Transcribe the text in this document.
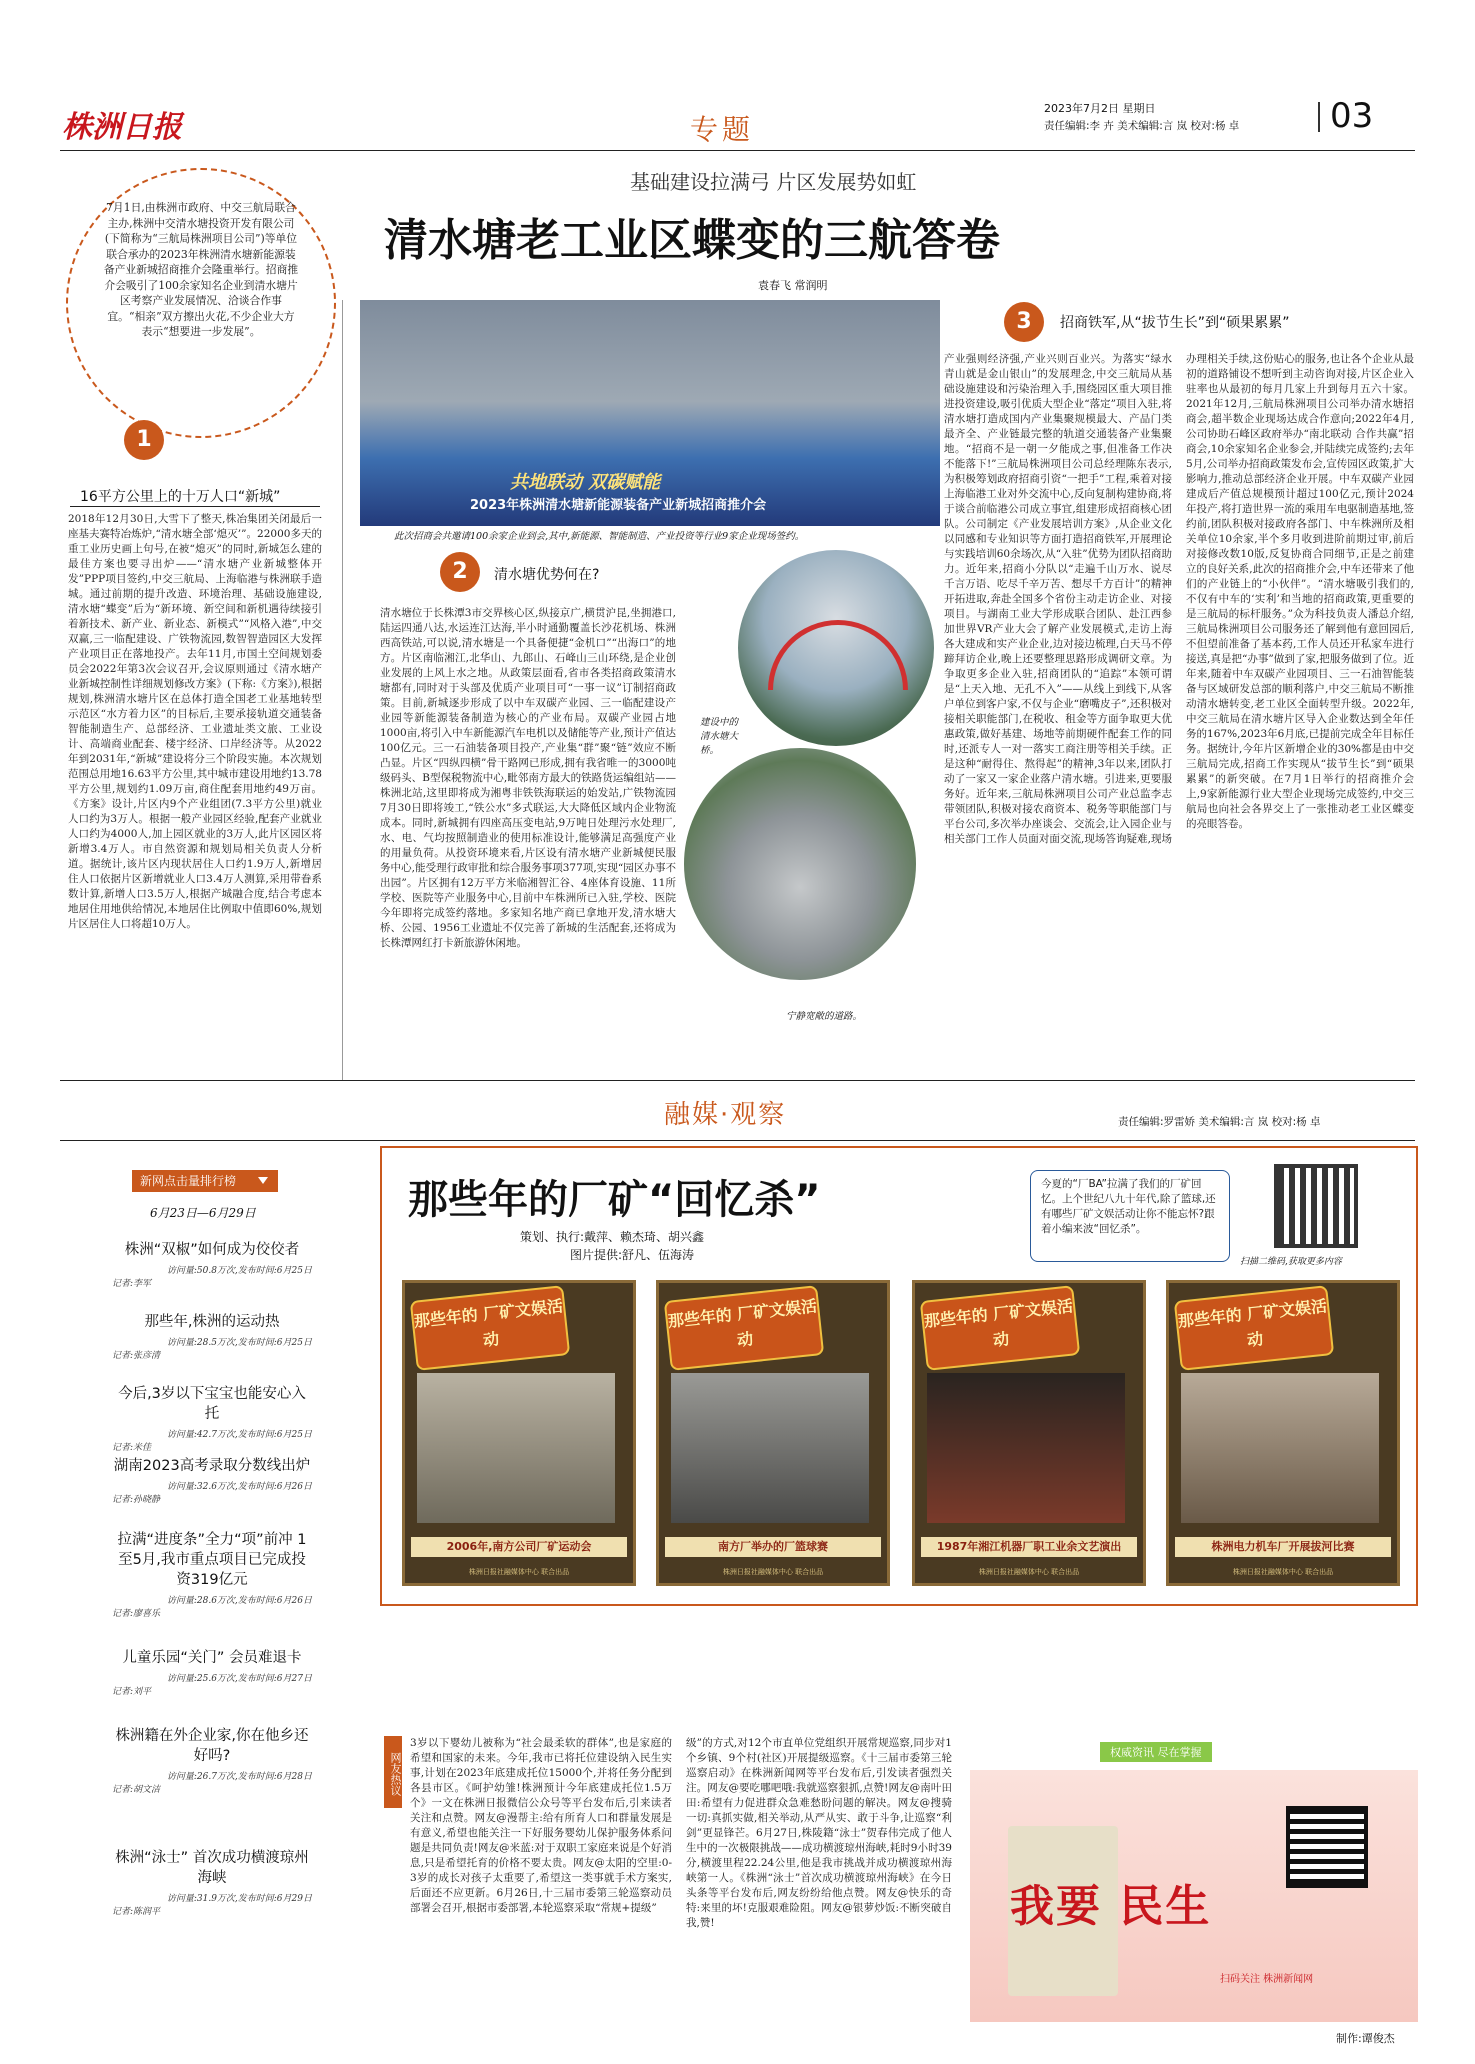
株洲日报	专题
2023年7月2日 星期日
责任编辑:李 卉 美术编辑:言 岚 校对:杨 卓	03
基础建设拉满弓 片区发展势如虹
清水塘老工业区蝶变的三航答卷
袁春飞 常润明
7月1日,由株洲市政府、中交三航局联合主办,株洲中交清水塘投资开发有限公司(下简称为“三航局株洲项目公司”)等单位联合承办的2023年株洲清水塘新能源装备产业新城招商推介会隆重举行。招商推介会吸引了100余家知名企业到清水塘片区考察产业发展情况、洽谈合作事宜。“相亲”双方擦出火花,不少企业大方表示“想要进一步发展”。
1
16平方公里上的十万人口“新城”
共地联动 双碳赋能
2023年株洲清水塘新能源装备产业新城招商推介会
此次招商会共邀请100余家企业到会,其中,新能源、智能制造、产业投资等行业9家企业现场签约。
2018年12月30日,大雪下了整天,株冶集团关闭最后一座基夫赛特冶炼炉,“清水塘全部‘熄灭’”。22000多天的重工业历史画上句号,在被“熄灭”的同时,新城怎么建的最佳方案也要寻出炉——“清水塘产业新城整体开发”PPP项目签约,中交三航局、上海临港与株洲联手造城。通过前期的提升改造、环境治理、基础设施建设,清水塘“蝶变”后为“新环境、新空间和新机遇待续接引着新技术、新产业、新业态、新模式”“风格入港”,中交双赢,三一临配建设、广铁物流园,数智智造园区大发挥产业项目正在落地投产。去年11月,市国土空间规划委员会2022年第3次会议召开,会议原则通过《清水塘产业新城控制性详细规划修改方案》(下称:《方案》),根据规划,株洲清水塘片区在总体打造全国老工业基地转型示范区“水方着力区”的目标后,主要承接轨道交通装备智能制造生产、总部经济、工业遗址类文旅、工业设计、高端商业配套、楼宇经济、口岸经济等。从2022年到2031年,“新城”建设将分三个阶段实施。本次规划范围总用地16.63平方公里,其中城市建设用地约13.78平方公里,规划约1.09万亩,商住配套用地约49万亩。《方案》设计,片区内9个产业组团(7.3平方公里)就业人口约为3万人。根据一般产业园区经验,配套产业就业人口约为4000人,加上园区就业的3万人,此片区园区将新增3.4万人。市自然资源和规划局相关负责人分析道。据统计,该片区内现状居住人口约1.9万人,新增居住人口依据片区新增就业人口3.4万人测算,采用带眷系数计算,新增人口3.5万人,根据产城融合度,结合考虑本地居住用地供给情况,本地居住比例取中值即60%,规划片区居住人口将超10万人。
2	清水塘优势何在?
清水塘位于长株潭3市交界核心区,纵接京广,横贯沪昆,坐拥港口,陆运四通八达,水运连江达海,半小时通勤覆盖长沙花机场、株洲西高铁站,可以说,清水塘是一个具备便捷“金机口”“出海口”的地方。片区南临湘江,北华山、九郎山、石峰山三山环绕,是企业创业发展的上风上水之地。从政策层面看,省市各类招商政策清水塘都有,同时对于头部及优质产业项目可“一事一议”订制招商政策。目前,新城逐步形成了以中车双碳产业园、三一临配建设产业园等新能源装备制造为核心的产业布局。双碳产业园占地1000亩,将引入中车新能源汽车电机以及储能等产业,预计产值达100亿元。三一石油装备项目投产,产业集“群”聚“链”效应不断凸显。片区“四纵四横”骨干路网已形成,拥有我省唯一的3000吨级码头、B型保税物流中心,毗邻南方最大的铁路货运编组站——株洲北站,这里即将成为湘粤非铁铁海联运的始发站,广铁物流园7月30日即将竣工,“铁公水”多式联运,大大降低区域内企业物流成本。同时,新城拥有四座高压变电站,9万吨日处理污水处理厂,水、电、气均按照制造业的使用标准设计,能够满足高强度产业的用量负荷。从投资环境来看,片区设有清水塘产业新城便民服务中心,能受理行政审批和综合服务事项377项,实现“园区办事不出园”。片区拥有12万平方米临湘智汇谷、4座体育设施、11所学校、医院等产业服务中心,目前中车株洲所已入驻,学校、医院今年即将完成签约落地。多家知名地产商已拿地开发,清水塘大桥、公园、1956工业遗址不仅完善了新城的生活配套,还将成为长株潭网红打卡新旅游休闲地。
建设中的清水塘大桥。
宁静宽敞的道路。
3	招商铁军,从“拔节生长”到“硕果累累”
产业强则经济强,产业兴则百业兴。为落实“绿水青山就是金山银山”的发展理念,中交三航局从基础设施建设和污染治理入手,围绕园区重大项目推进投资建设,吸引优质大型企业“落定”项目入驻,将清水塘打造成国内产业集聚规模最大、产品门类最齐全、产业链最完整的轨道交通装备产业集聚地。“招商不是一朝一夕能成之事,但准备工作决不能落下!”三航局株洲项目公司总经理陈东表示,为积极筹划政府招商引资“一把手”工程,乘着对接上海临港工业对外交流中心,反向复制构建协商,将于谈合前临港公司成立事宜,组建形成招商核心团队。公司制定《产业发展培训方案》,从企业文化以同感和专业知识等方面打造招商铁军,开展理论与实践培训60余场次,从“入驻”优势为团队招商助力。近年来,招商小分队以“走遍千山万水、说尽千言万语、吃尽千辛万苦、想尽千方百计”的精神开拓进取,奔赴全国多个省份主动走访企业、对接项目。与湖南工业大学形成联合团队、赴江西参加世界VR产业大会了解产业发展模式,走访上海各大建成和实产业企业,边对接边梳理,白天马不停蹄拜访企业,晚上还要整理思路形成调研文章。为争取更多企业入驻,招商团队的“追踪”本领可谓是“上天入地、无孔不入”——从线上到线下,从客户单位到客户家,不仅与企业“磨嘴皮子”,还积极对接相关职能部门,在税收、租金等方面争取更大优惠政策,做好基建、场地等前期硬件配套工作的同时,还派专人一对一落实工商注册等相关手续。正是这种“耐得住、熬得起”的精神,3年以来,团队打动了一家又一家企业落户清水塘。引进来,更要服务好。近年来,三航局株洲项目公司产业总监李志带领团队,积极对接农商资本、税务等职能部门与平台公司,多次举办座谈会、交流会,让入园企业与相关部门工作人员面对面交流,现场答询疑难,现场办理相关手续,这份贴心的服务,也让各个企业从最初的道路铺设不想听到主动咨询对接,片区企业入驻率也从最初的每月几家上升到每月五六十家。2021年12月,三航局株洲项目公司举办清水塘招商会,超半数企业现场达成合作意向;2022年4月,公司协助石峰区政府举办“南北联动 合作共赢”招商会,10余家知名企业参会,并陆续完成签约;去年5月,公司举办招商政策发布会,宣传园区政策,扩大影响力,推动总部经济企业开展。中车双碳产业园建成后产值总规模预计超过100亿元,预计2024年投产,将打造世界一流的乘用车电驱制造基地,签约前,团队积极对接政府各部门、中车株洲所及相关单位10余家,半个多月收到进阶前期过审,前后对接修改数10版,反复协商合同细节,正是之前建立的良好关系,此次的招商推介会,中车还带来了他们的产业链上的“小伙伴”。“清水塘吸引我们的,不仅有中车的‘实利’和当地的招商政策,更重要的是三航局的标杆服务。”众为科技负责人潘总介绍,三航局株洲项目公司服务还了解到他有意回园后,不但望前准备了基本药,工作人员还开私家车进行接送,真是把“办事”做到了家,把服务做到了位。近年来,随着中车双碳产业园项目、三一石油智能装备与区域研发总部的顺利落户,中交三航局不断推动清水塘转变,老工业区全面转型升级。2022年,中交三航局在清水塘片区导入企业数达到全年任务的167%,2023年6月底,已提前完成全年目标任务。据统计,今年片区新增企业的30%都是由中交三航局完成,招商工作实现从“拔节生长”到“硕果累累”的新突破。在7月1日举行的招商推介会上,9家新能源行业大型企业现场完成签约,中交三航局也向社会各界交上了一张推动老工业区蝶变的亮眼答卷。
融媒·观察	责任编辑:罗雷娇 美术编辑:言 岚 校对:杨 卓
新网点击量排行榜
6月23日—6月29日
株洲“双椒”如何成为佼佼者
访问量:50.8万次,发布时间:6月25日
记者:李军
那些年,株洲的运动热
访问量:28.5万次,发布时间:6月25日
记者:张彦清
今后,3岁以下宝宝也能安心入托
访问量:42.7万次,发布时间:6月25日
记者:米佳
湖南2023高考录取分数线出炉
访问量:32.6万次,发布时间:6月26日
记者:孙晓静
拉满“进度条”全力“项”前冲 1至5月,我市重点项目已完成投资319亿元
访问量:28.6万次,发布时间:6月26日
记者:廖喜乐
儿童乐园“关门” 会员难退卡
访问量:25.6万次,发布时间:6月27日
记者:刘平
株洲籍在外企业家,你在他乡还好吗?
访问量:26.7万次,发布时间:6月28日
记者:胡文洁
株洲“泳士” 首次成功横渡琼州海峡
访问量:31.9万次,发布时间:6月29日
记者:陈润平
那些年的厂矿“回忆杀”
策划、执行:戴萍、赖杰琦、胡兴鑫
图片提供:舒凡、伍海涛
今夏的“厂BA”拉满了我们的厂矿回忆。上个世纪八九十年代,除了篮球,还有哪些厂矿文娱活动让你不能忘怀?跟着小编来波“回忆杀”。
扫描二维码,获取更多内容
那些年的 厂矿文娱活动
2006年,南方公司厂矿运动会
株洲日报社融媒体中心 联合出品
那些年的 厂矿文娱活动
南方厂举办的厂篮球赛
株洲日报社融媒体中心 联合出品
那些年的 厂矿文娱活动
1987年湘江机器厂职工业余文艺演出
株洲日报社融媒体中心 联合出品
那些年的 厂矿文娱活动
株洲电力机车厂开展拔河比赛
株洲日报社融媒体中心 联合出品
网友热议
3岁以下婴幼儿被称为“社会最柔软的群体”,也是家庭的希望和国家的未来。今年,我市已将托位建设纳入民生实事,计划在2023年底建成托位15000个,并将任务分配到各县市区。《呵护幼雏!株洲预计今年底建成托位1.5万个》一文在株洲日报微信公众号等平台发布后,引来读者关注和点赞。网友@漫帮主:给有所育人口和群量发展是有意义,希望也能关注一下好服务婴幼儿保护服务体系问题是共同负责!网友@米蓝:对于双职工家庭来说是个好消息,只是希望托育的价格不要太贵。网友@太阳的空里:0-3岁的成长对孩子太重要了,希望这一类事就手术方案实,后面还不应更新。6月26日,十三届市委第三轮巡察动员部署会召开,根据市委部署,本轮巡察采取“常规+提级”
级”的方式,对12个市直单位党组织开展常规巡察,同步对1个乡镇、9个村(社区)开展提级巡察。《十三届市委第三轮巡察启动》在株洲新闻网等平台发布后,引发读者强烈关注。网友@要吃哪吧哦:我就巡察狠抓,点赞!网友@南叶田田:希望有力促进群众急难愁盼问题的解决。网友@搜骑一切:真抓实做,相关举动,从严从实、敢于斗争,让巡察“利剑”更显锋芒。6月27日,株陵籍“泳士”贺春伟完成了他人生中的一次极限挑战——成功横渡琼州海峡,耗时9小时39分,横渡里程22.24公里,他是我市挑战并成功横渡琼州海峡第一人。《株洲“泳士”首次成功横渡琼州海峡》在今日头条等平台发布后,网友纷纷给他点赞。网友@快乐的奇特:来里的坏!克服艰难险阻。网友@银萝炒饭:不断突破自我,赞!
权威资讯 尽在掌握
我要 民生
扫码关注 株洲新闻网
制作:谭俊杰
